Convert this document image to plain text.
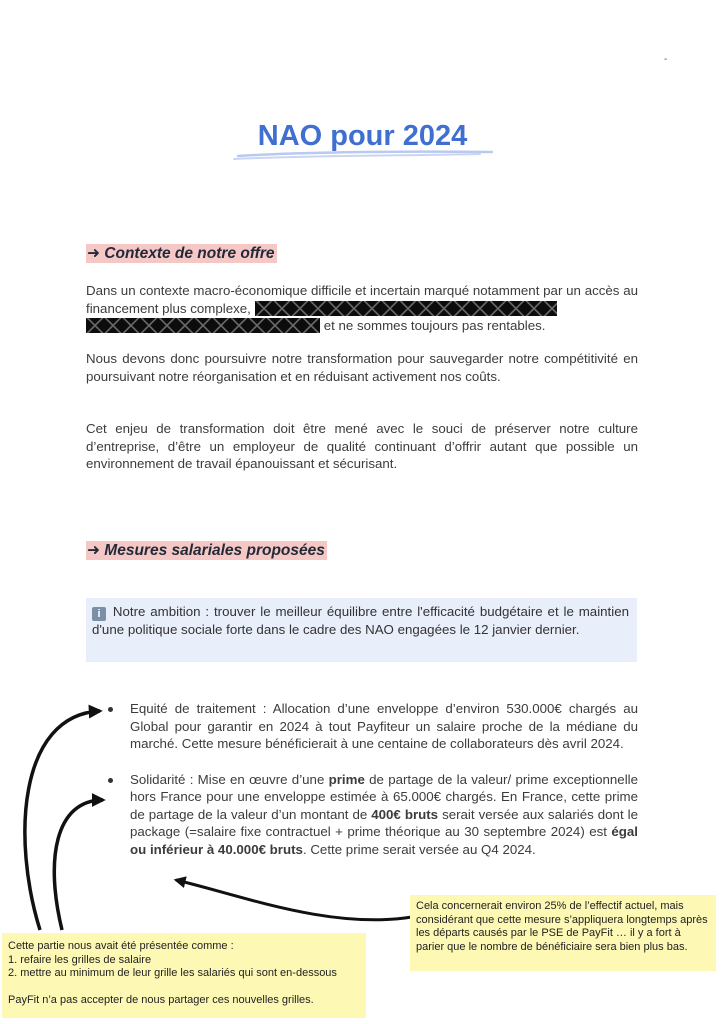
-
NAO pour 2024
➜ Contexte de notre offre

Dans un contexte macro-économique difficile et incertain marqué notamment par un accès au financement plus complexe,
et ne sommes toujours pas rentables.

Nous devons donc poursuivre notre transformation pour sauvegarder notre compétitivité en poursuivant notre réorganisation et en réduisant activement nos coûts.

Cet enjeu de transformation doit être mené avec le souci de préserver notre culture d’entreprise, d’être un employeur de qualité continuant d’offrir autant que possible un environnement de travail épanouissant et sécurisant.

➜ Mesures salariales proposées
i Notre ambition : trouver le meilleur équilibre entre l'efficacité budgétaire et le maintien d'une politique sociale forte dans le cadre des NAO engagées le 12 janvier dernier.
Equité de traitement : Allocation d’une enveloppe d’environ 530.000€ chargés au Global pour garantir en 2024 à tout Payfiteur un salaire proche de la médiane du marché. Cette mesure bénéficierait à une centaine de collaborateurs dès avril 2024.
Solidarité : Mise en œuvre d’une prime de partage de la valeur/ prime exceptionnelle hors France pour une enveloppe estimée à 65.000€ chargés. En France, cette prime de partage de la valeur d’un montant de 400€ bruts serait versée aux salariés dont le package (=salaire fixe contractuel + prime théorique au 30 septembre 2024) est égal ou inférieur à 40.000€ bruts. Cette prime serait versée au Q4 2024.
Cela concernerait environ 25% de l’effectif actuel, mais considérant que cette mesure s’appliquera longtemps après les départs causés par le PSE de PayFit … il y a fort à parier que le nombre de bénéficiaire sera bien plus bas.
Cette partie nous avait été présentée comme :
1. refaire les grilles de salaire
2. mettre au minimum de leur grille les salariés qui sont en-dessous
PayFit n’a pas accepter de nous partager ces nouvelles grilles.
